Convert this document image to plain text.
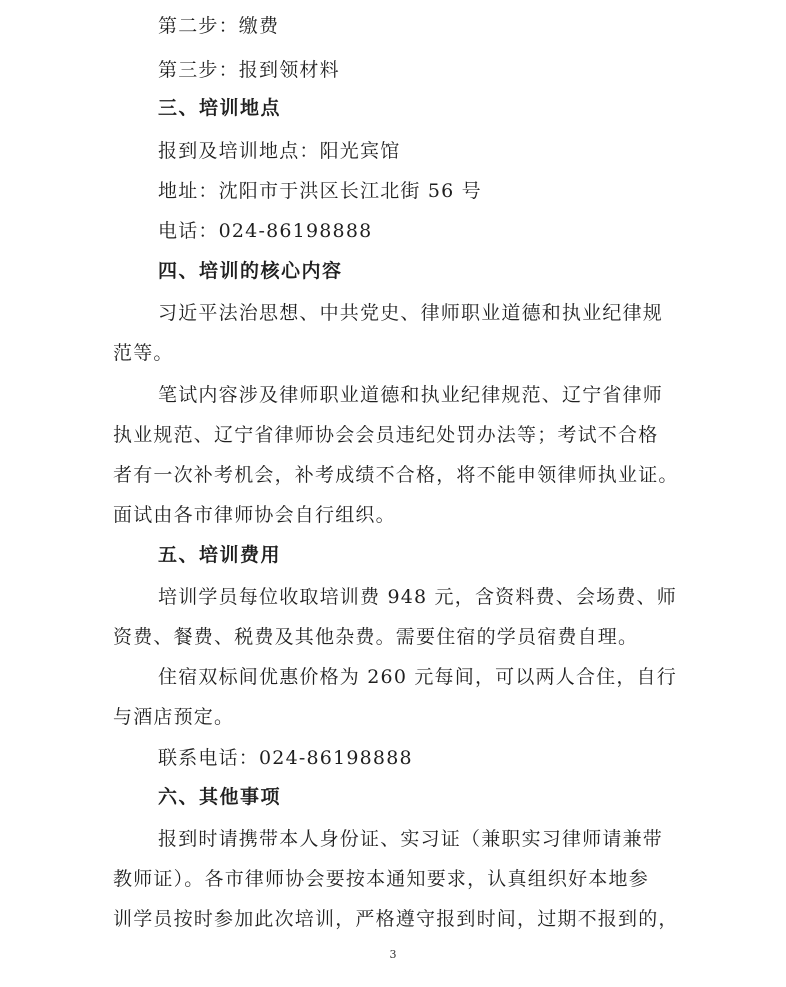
第二步：缴费
第三步：报到领材料
三、培训地点
报到及培训地点：阳光宾馆
地址：沈阳市于洪区长江北街 56 号
电话：024-86198888
四、培训的核心内容
习近平法治思想、中共党史、律师职业道德和执业纪律规
范等。
笔试内容涉及律师职业道德和执业纪律规范、辽宁省律师
执业规范、辽宁省律师协会会员违纪处罚办法等；考试不合格
者有一次补考机会，补考成绩不合格，将不能申领律师执业证。
面试由各市律师协会自行组织。
五、培训费用
培训学员每位收取培训费 948 元，含资料费、会场费、师
资费、餐费、税费及其他杂费。需要住宿的学员宿费自理。
住宿双标间优惠价格为 260 元每间，可以两人合住，自行
与酒店预定。
联系电话：024-86198888
六、其他事项
报到时请携带本人身份证、实习证（兼职实习律师请兼带
教师证）。各市律师协会要按本通知要求，认真组织好本地参
训学员按时参加此次培训，严格遵守报到时间，过期不报到的，
3
